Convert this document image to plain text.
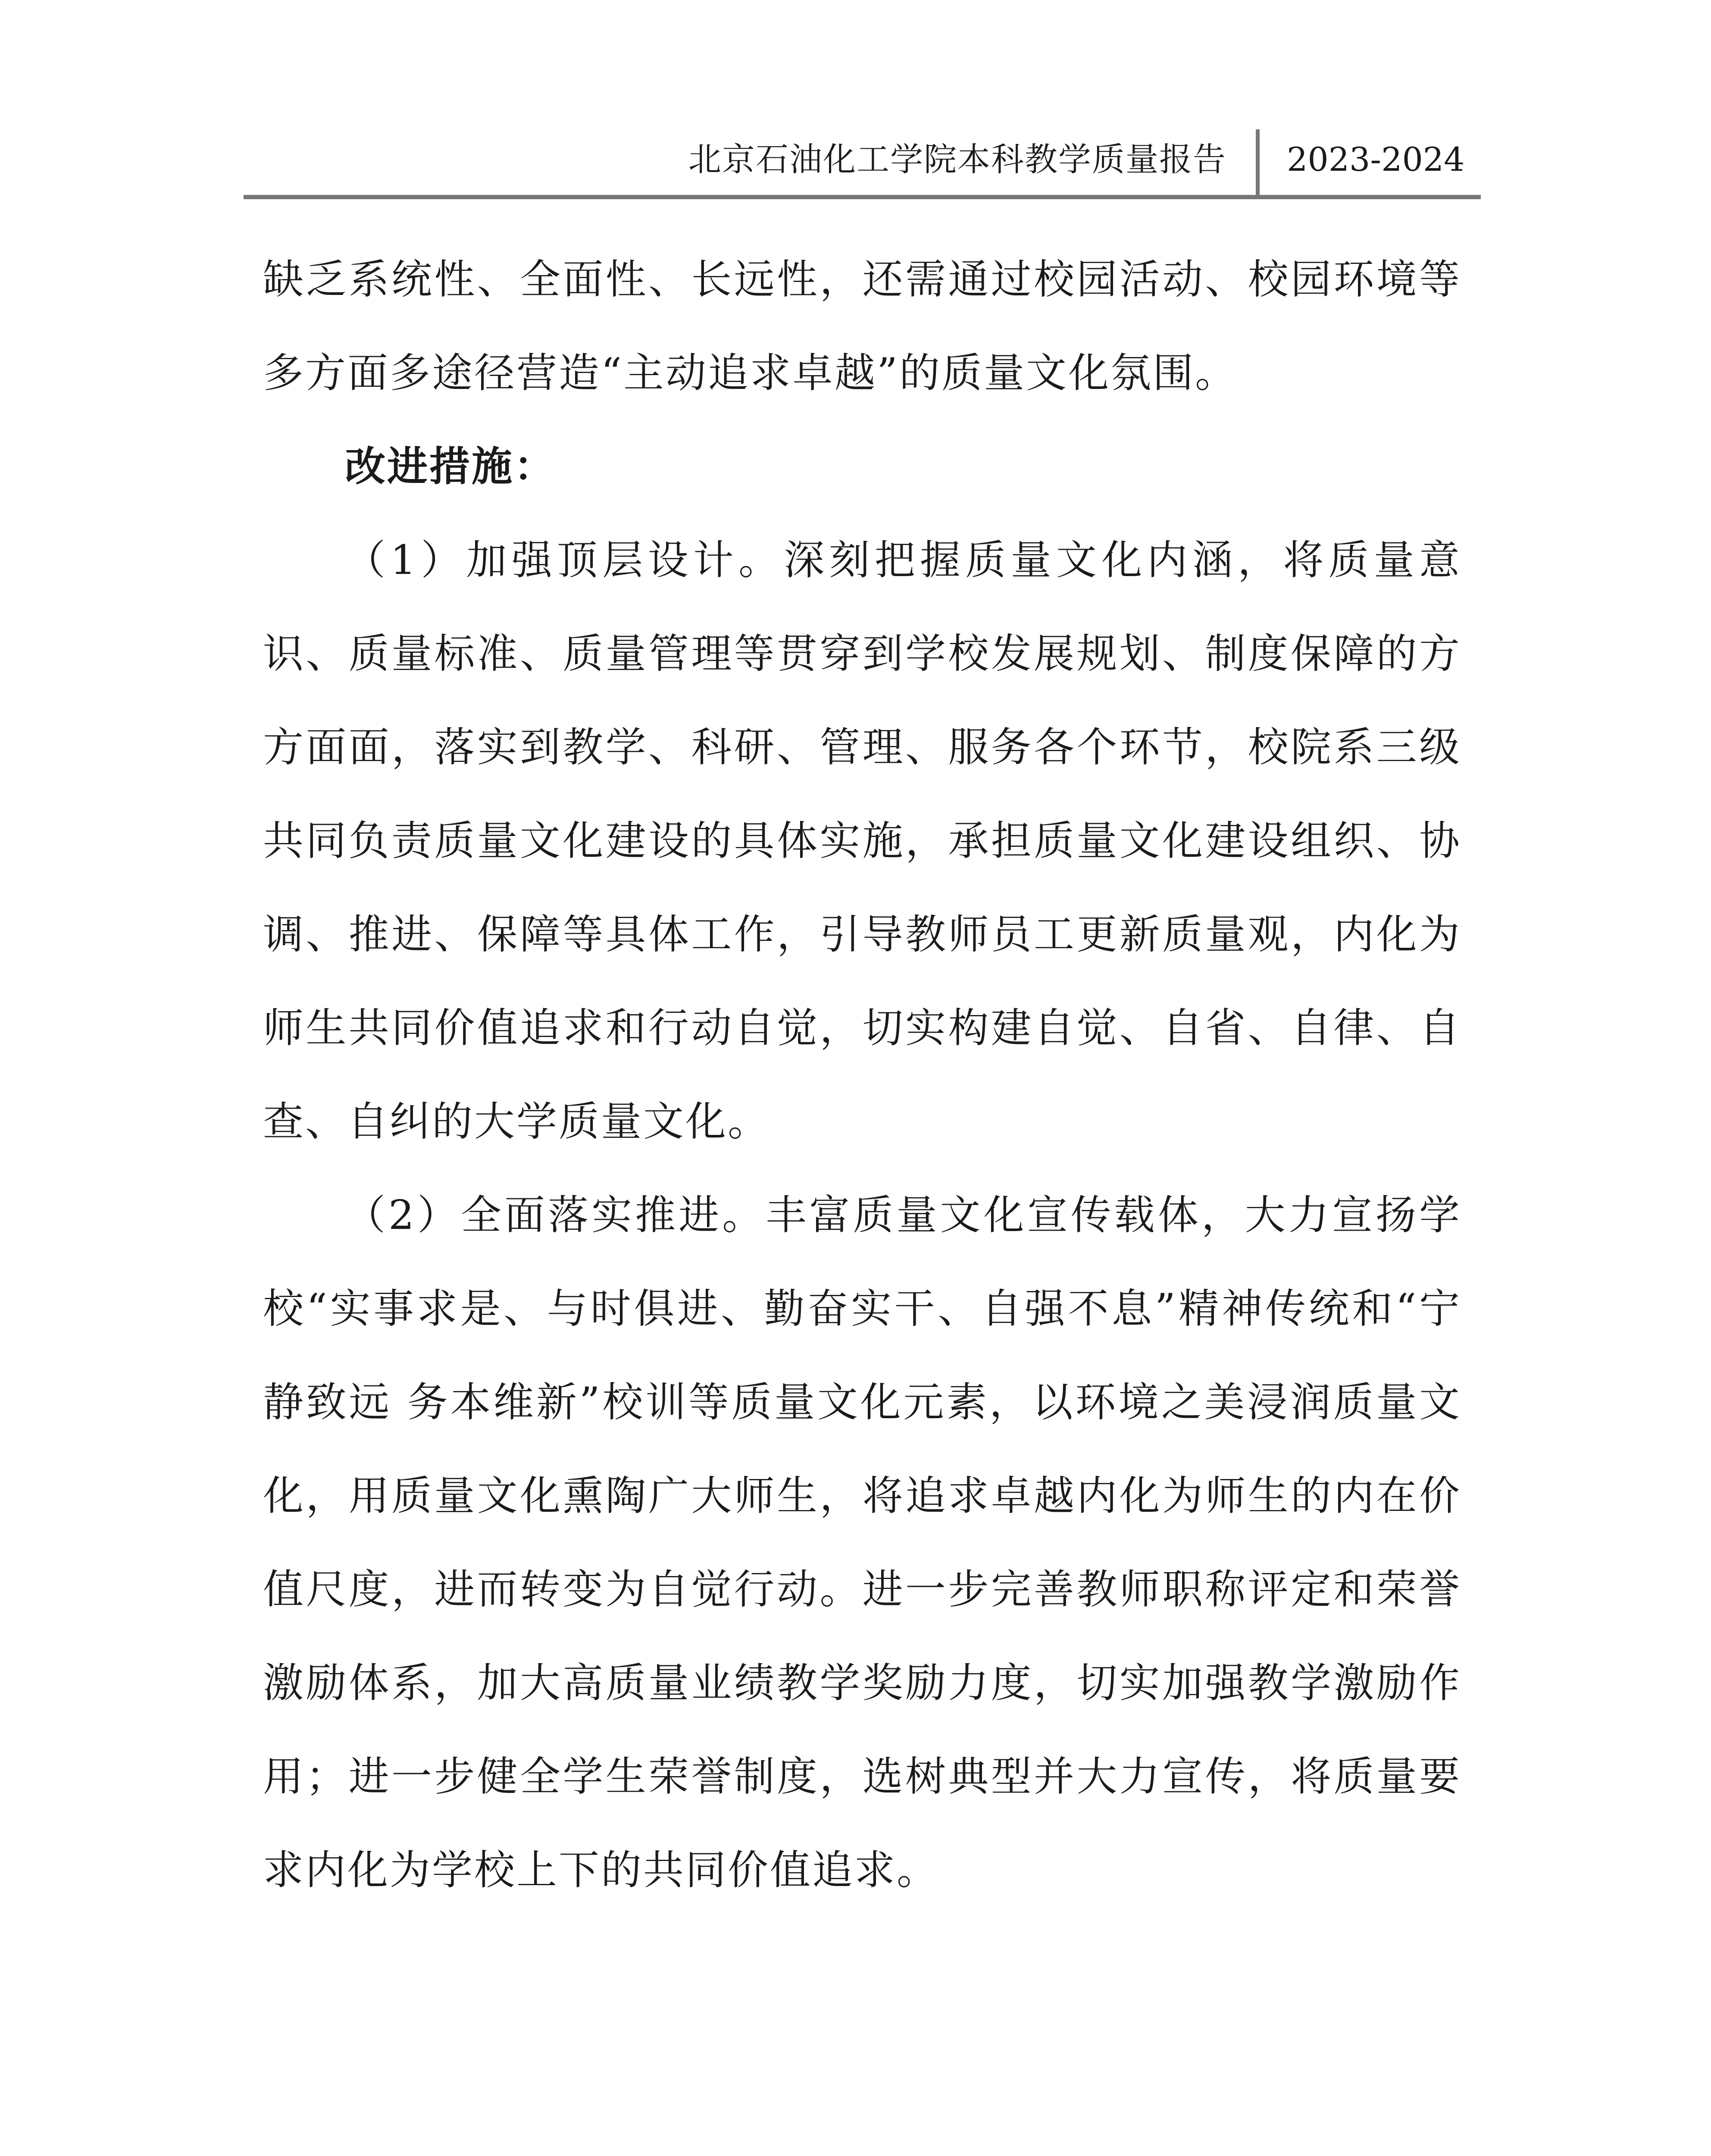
北京石油化工学院本科教学质量报告 2023-2024

缺乏系统性、全面性、长远性，还需通过校园活动、校园环境等多方面多途径营造“主动追求卓越”的质量文化氛围。

改进措施：

（1）加强顶层设计。深刻把握质量文化内涵，将质量意识、质量标准、质量管理等贯穿到学校发展规划、制度保障的方方面面，落实到教学、科研、管理、服务各个环节，校院系三级共同负责质量文化建设的具体实施，承担质量文化建设组织、协调、推进、保障等具体工作，引导教师员工更新质量观，内化为师生共同价值追求和行动自觉，切实构建自觉、自省、自律、自查、自纠的大学质量文化。

（2）全面落实推进。丰富质量文化宣传载体，大力宣扬学校“实事求是、与时俱进、勤奋实干、自强不息”精神传统和“宁静致远 务本维新”校训等质量文化元素，以环境之美浸润质量文化，用质量文化熏陶广大师生，将追求卓越内化为师生的内在价值尺度，进而转变为自觉行动。进一步完善教师职称评定和荣誉激励体系，加大高质量业绩教学奖励力度，切实加强教学激励作用；进一步健全学生荣誉制度，选树典型并大力宣传，将质量要求内化为学校上下的共同价值追求。
